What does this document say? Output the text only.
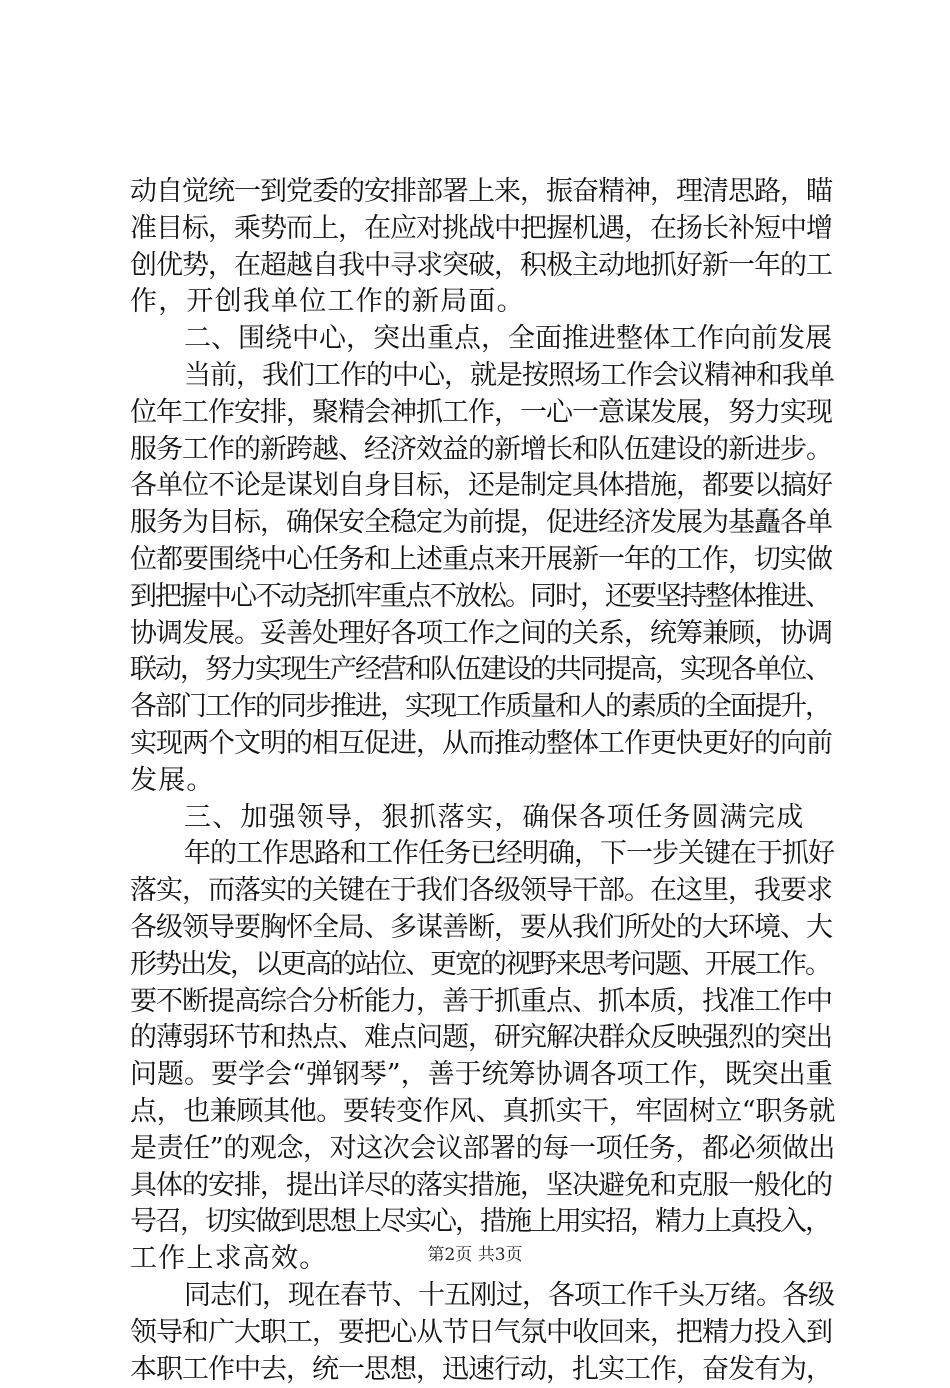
动自觉统一到党委的安排部署上来，振奋精神，理清思路，瞄
准目标，乘势而上，在应对挑战中把握机遇，在扬长补短中增
创优势，在超越自我中寻求突破，积极主动地抓好新一年的工
作，开创我单位工作的新局面。
二、围绕中心，突出重点，全面推进整体工作向前发展
当前，我们工作的中心，就是按照场工作会议精神和我单
位年工作安排，聚精会神抓工作，一心一意谋发展，努力实现
服务工作的新跨越、经济效益的新增长和队伍建设的新进步。
各单位不论是谋划自身目标，还是制定具体措施，都要以搞好
服务为目标，确保安全稳定为前提，促进经济发展为基矗各单
位都要围绕中心任务和上述重点来开展新一年的工作，切实做
到把握中心不动尧抓牢重点不放松。同时，还要坚持整体推进、
协调发展。妥善处理好各项工作之间的关系，统筹兼顾，协调
联动，努力实现生产经营和队伍建设的共同提高，实现各单位、
各部门工作的同步推进，实现工作质量和人的素质的全面提升，
实现两个文明的相互促进，从而推动整体工作更快更好的向前
发展。
三、加强领导，狠抓落实，确保各项任务圆满完成
年的工作思路和工作任务已经明确，下一步关键在于抓好
落实，而落实的关键在于我们各级领导干部。在这里，我要求
各级领导要胸怀全局、多谋善断，要从我们所处的大环境、大
形势出发，以更高的站位、更宽的视野来思考问题、开展工作。
要不断提高综合分析能力，善于抓重点、抓本质，找准工作中
的薄弱环节和热点、难点问题，研究解决群众反映强烈的突出
问题。要学会“弹钢琴”，善于统筹协调各项工作，既突出重
点，也兼顾其他。要转变作风、真抓实干，牢固树立“职务就
是责任”的观念，对这次会议部署的每一项任务，都必须做出
具体的安排，提出详尽的落实措施，坚决避免和克服一般化的
号召，切实做到思想上尽实心，措施上用实招，精力上真投入，
工作上求高效。
同志们，现在春节、十五刚过，各项工作千头万绪。各级
领导和广大职工，要把心从节日气氛中收回来，把精力投入到
本职工作中去，统一思想，迅速行动，扎实工作，奋发有为，
第2页 共3页
